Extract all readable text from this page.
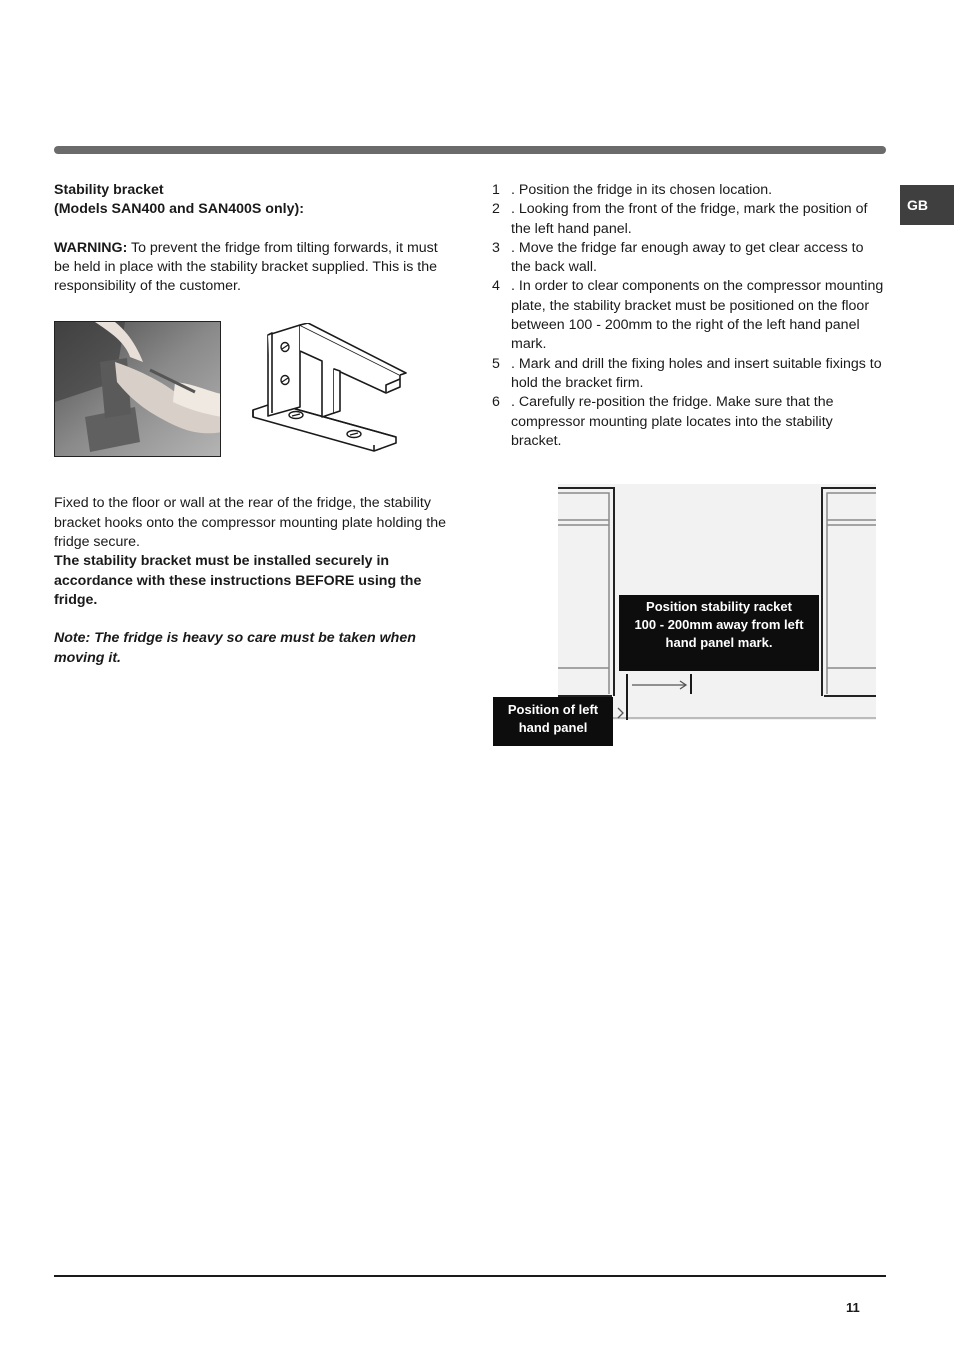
GB

Stability bracket
(Models SAN400 and SAN400S only):

WARNING: To prevent the fridge from tilting forwards, it must be held in place with the stability bracket supplied. This is the responsibility of the customer.

Fixed to the floor or wall at the rear of the fridge, the stability bracket hooks onto the compressor mounting plate holding the fridge secure.

The stability bracket must be installed securely in accordance with these instructions BEFORE using the fridge.

Note: The fridge is heavy so care must be taken when moving it.

1 . Position the fridge in its chosen location.
2 . Looking from the front of the fridge, mark the position of the left hand panel.
3 . Move the fridge far enough away to get clear access to the back wall.
4 . In order to clear components on the compressor mounting plate, the stability bracket must be positioned on the floor between 100 - 200mm to the right of the left hand panel mark.
5 . Mark and drill the fixing holes and insert suitable fixings to hold the bracket firm.
6 . Carefully re-position the fridge. Make sure that the compressor mounting plate locates into the stability bracket.
Position stability racket
100 - 200mm away from left
hand panel mark.
Position of left
hand panel
11
